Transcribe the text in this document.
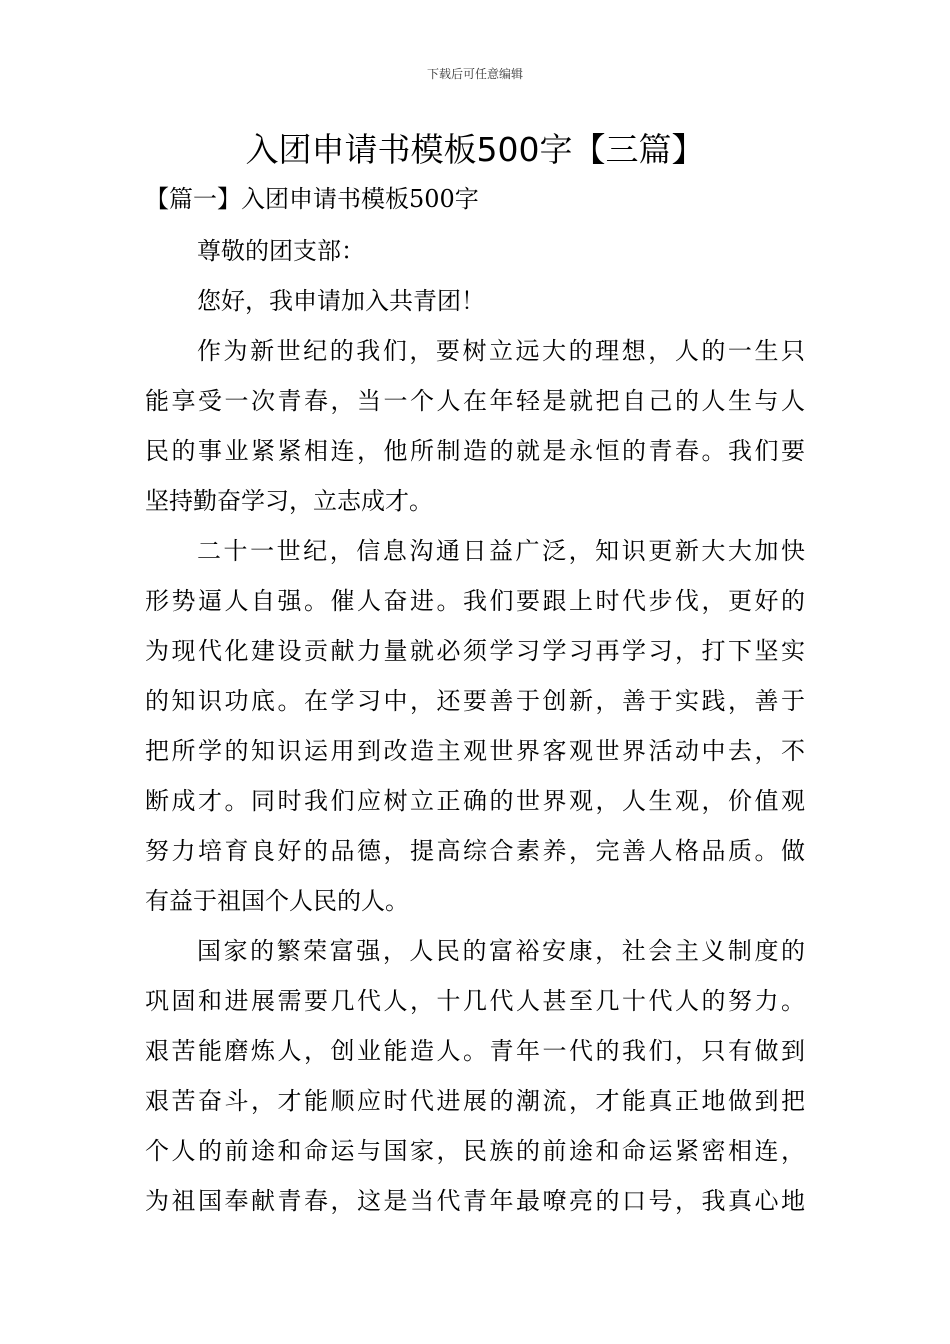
下载后可任意编辑
入团申请书模板500字【三篇】
【篇一】入团申请书模板500字
尊敬的团支部：
您好，我申请加入共青团！
作为新世纪的我们，要树立远大的理想，人的一生只
能享受一次青春，当一个人在年轻是就把自己的人生与人
民的事业紧紧相连，他所制造的就是永恒的青春。我们要
坚持勤奋学习，立志成才。
二十一世纪，信息沟通日益广泛，知识更新大大加快
形势逼人自强。催人奋进。我们要跟上时代步伐，更好的
为现代化建设贡献力量就必须学习学习再学习，打下坚实
的知识功底。在学习中，还要善于创新，善于实践，善于
把所学的知识运用到改造主观世界客观世界活动中去，不
断成才。同时我们应树立正确的世界观，人生观，价值观
努力培育良好的品德，提高综合素养，完善人格品质。做
有益于祖国个人民的人。
国家的繁荣富强，人民的富裕安康，社会主义制度的
巩固和进展需要几代人，十几代人甚至几十代人的努力。
艰苦能磨炼人，创业能造人。青年一代的我们，只有做到
艰苦奋斗，才能顺应时代进展的潮流，才能真正地做到把
个人的前途和命运与国家，民族的前途和命运紧密相连，
为祖国奉献青春，这是当代青年最嘹亮的口号，我真心地
